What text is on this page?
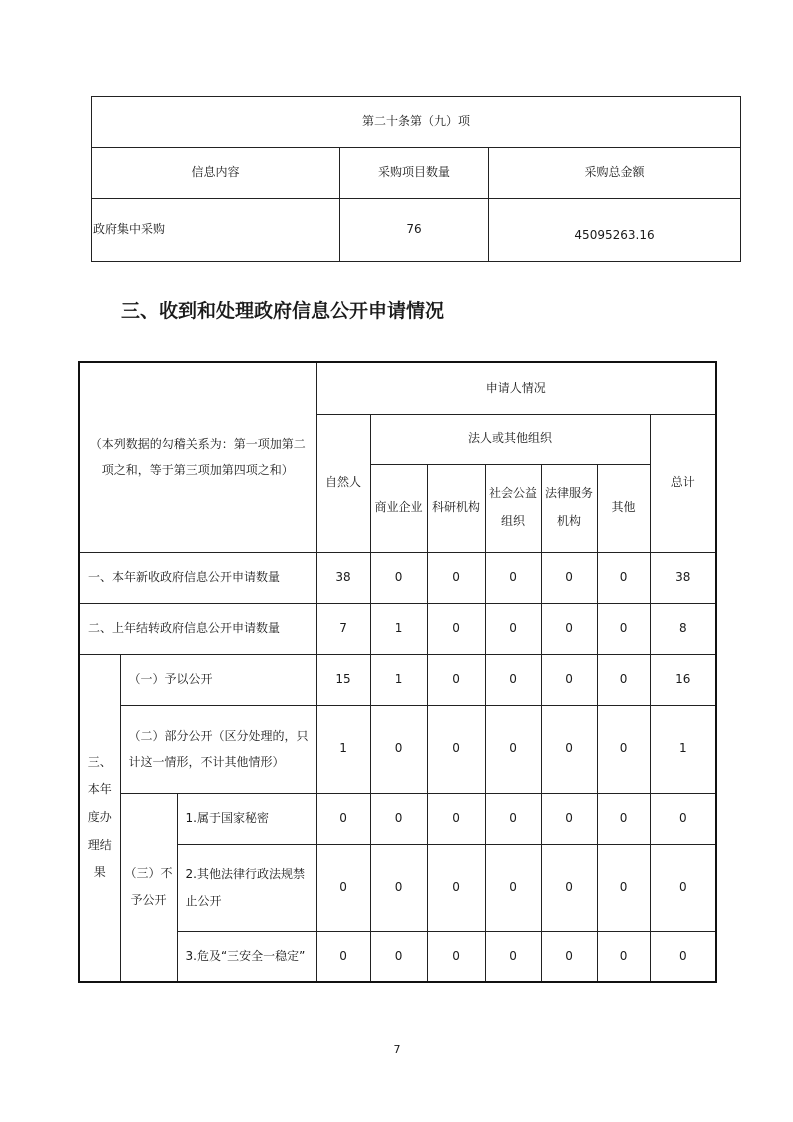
第二十条第（九）项		
信息内容	采购项目数量	采购总金额
政府集中采购	76	45095263.16
三、收到和处理政府信息公开申请情况
（本列数据的勾稽关系为：第一项加第二项之和，等于第三项加第四项之和）			申请人情况						
			自然人	法人或其他组织					总计
				商业企业	科研机构	社会公益组织	法律服务机构	其他	
一、本年新收政府信息公开申请数量			38	0	0	0	0	0	38
二、上年结转政府信息公开申请数量			7	1	0	0	0	0	8
三、本年度办理结果	（一）予以公开		15	1	0	0	0	0	16
	（二）部分公开（区分处理的，只计这一情形，不计其他情形）		1	0	0	0	0	0	1
	（三）不予公开	1.属于国家秘密	0	0	0	0	0	0	0
		2.其他法律行政法规禁止公开	0	0	0	0	0	0	0
		3.危及“三安全一稳定”	0	0	0	0	0	0	0
7
